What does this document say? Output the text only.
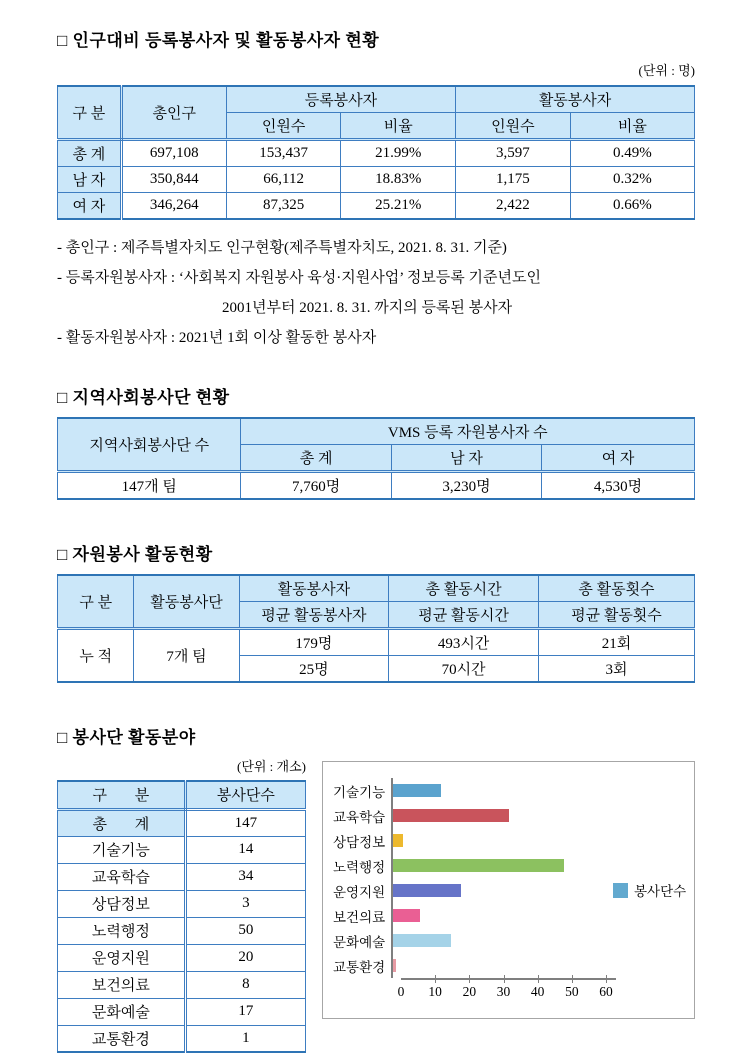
□ 인구대비 등록봉사자 및 활동봉사자 현황
(단위 : 명)
구 분	총인구	등록봉사자		활동봉사자	
		인원수	비율	인원수	비율
총 계	697,108	153,437	21.99%	3,597	0.49%
남 자	350,844	66,112	18.83%	1,175	0.32%
여 자	346,264	87,325	25.21%	2,422	0.66%
- 총인구 : 제주특별자치도 인구현황(제주특별자치도, 2021. 8. 31. 기준)
- 등록자원봉사자 : ‘사회복지 자원봉사 육성·지원사업’ 정보등록 기준년도인
2001년부터 2021. 8. 31. 까지의 등록된 봉사자
- 활동자원봉사자 : 2021년 1회 이상 활동한 봉사자
□ 지역사회봉사단 현황
지역사회봉사단 수	VMS 등록 자원봉사자 수		
	총 계	남 자	여 자
147개 팀	7,760명	3,230명	4,530명
□ 자원봉사 활동현황
구 분	활동봉사단	활동봉사자	총 활동시간	총 활동횟수
		평균 활동봉사자	평균 활동시간	평균 활동횟수
누 적	7개 팀	179명	493시간	21회
		25명	70시간	3회
□ 봉사단 활동분야
(단위 : 개소)
구 분	봉사단수
총 계	147
기술기능	14
교육학습	34
상담정보	3
노력행정	50
운영지원	20
보건의료	8
문화예술	17
교통환경	1
기술기능
교육학습
상담정보
노력행정
운영지원
보건의료
문화예술
교통환경
0	10	20	30	40	50	60
봉사단수
